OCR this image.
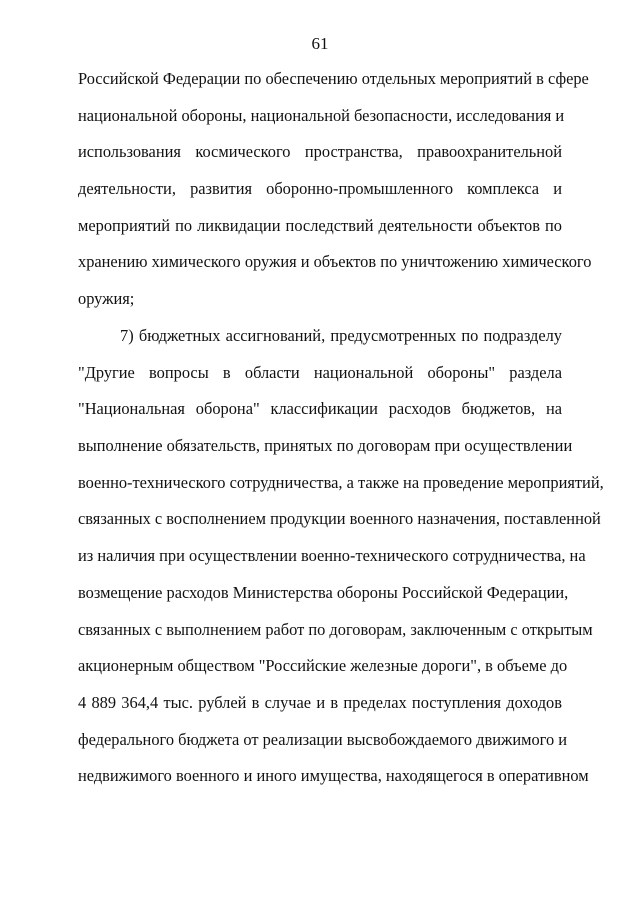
61
Российской Федерации по обеспечению отдельных мероприятий в сфере
национальной обороны, национальной безопасности, исследования и
использования космического пространства, правоохранительной
деятельности, развития оборонно-промышленного комплекса и
мероприятий по ликвидации последствий деятельности объектов по
хранению химического оружия и объектов по уничтожению химического
оружия;
7) бюджетных ассигнований, предусмотренных по подразделу
"Другие вопросы в области национальной обороны" раздела
"Национальная оборона" классификации расходов бюджетов, на
выполнение обязательств, принятых по договорам при осуществлении
военно-технического сотрудничества, а также на проведение мероприятий,
связанных с восполнением продукции военного назначения, поставленной
из наличия при осуществлении военно-технического сотрудничества, на
возмещение расходов Министерства обороны Российской Федерации,
связанных с выполнением работ по договорам, заключенным с открытым
акционерным обществом "Российские железные дороги", в объеме до
4 889 364,4 тыс. рублей в случае и в пределах поступления доходов
федерального бюджета от реализации высвобождаемого движимого и
недвижимого военного и иного имущества, находящегося в оперативном
